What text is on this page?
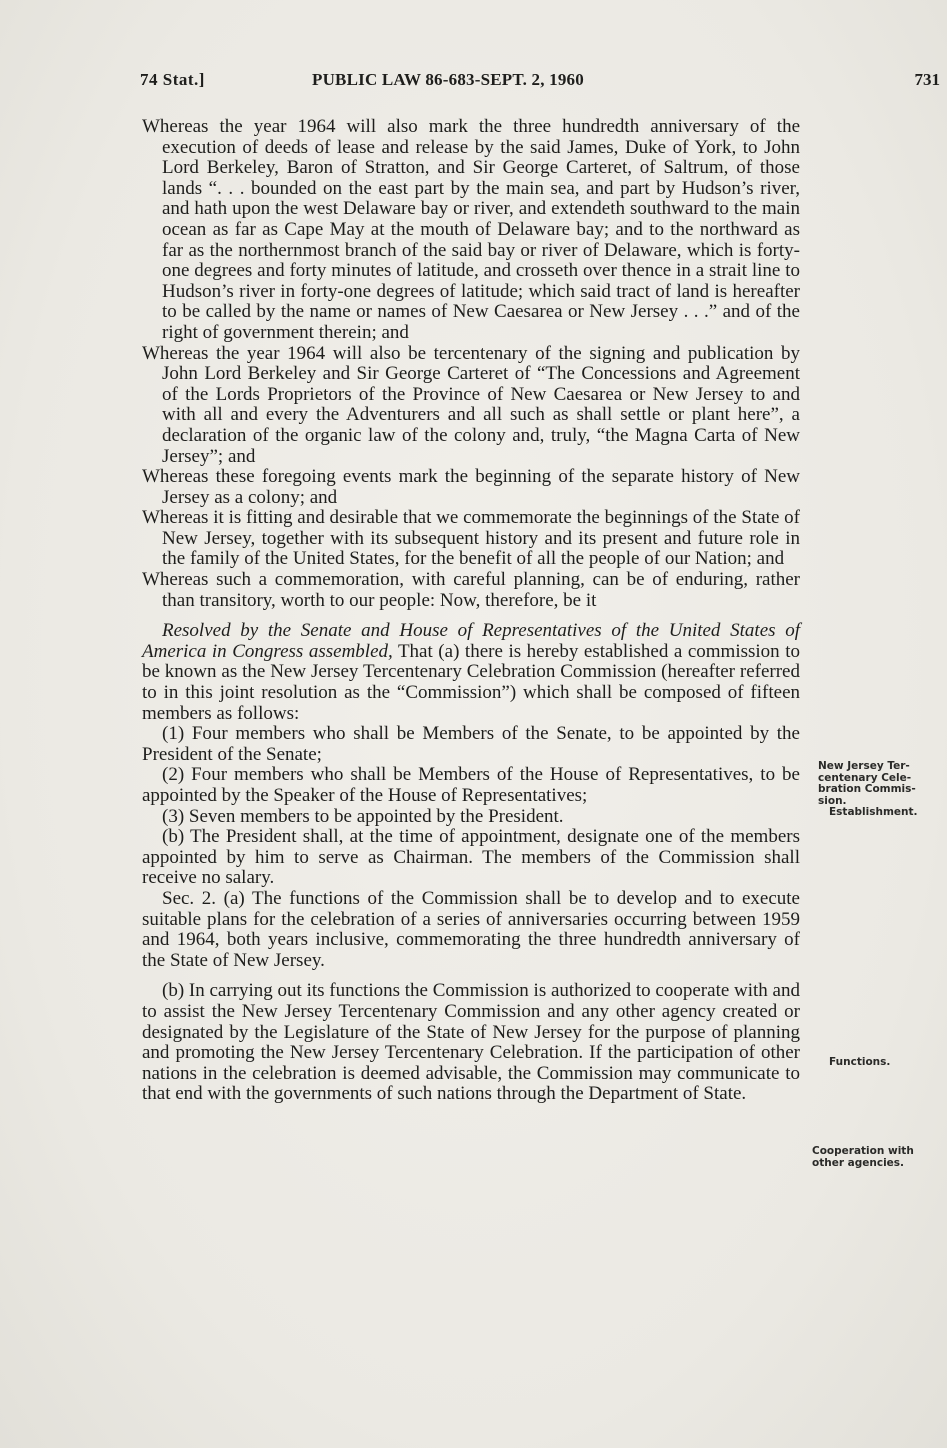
74 Stat.]	PUBLIC LAW 86-683-SEPT. 2, 1960	731

Whereas the year 1964 will also mark the three hundredth anniversary of the execution of deeds of lease and release by the said James, Duke of York, to John Lord Berkeley, Baron of Stratton, and Sir George Carteret, of Saltrum, of those lands “. . . bounded on the east part by the main sea, and part by Hudson’s river, and hath upon the west Delaware bay or river, and extendeth southward to the main ocean as far as Cape May at the mouth of Delaware bay; and to the northward as far as the northernmost branch of the said bay or river of Delaware, which is forty-one degrees and forty minutes of latitude, and crosseth over thence in a strait line to Hudson’s river in forty-one degrees of latitude; which said tract of land is hereafter to be called by the name or names of New Caesarea or New Jersey . . .” and of the right of government therein; and

Whereas the year 1964 will also be tercentenary of the signing and publication by John Lord Berkeley and Sir George Carteret of “The Concessions and Agreement of the Lords Proprietors of the Province of New Caesarea or New Jersey to and with all and every the Adventurers and all such as shall settle or plant here”, a declaration of the organic law of the colony and, truly, “the Magna Carta of New Jersey”; and

Whereas these foregoing events mark the beginning of the separate history of New Jersey as a colony; and

Whereas it is fitting and desirable that we commemorate the beginnings of the State of New Jersey, together with its subsequent history and its present and future role in the family of the United States, for the benefit of all the people of our Nation; and

Whereas such a commemoration, with careful planning, can be of enduring, rather than transitory, worth to our people: Now, therefore, be it

Resolved by the Senate and House of Representatives of the United States of America in Congress assembled, That (a) there is hereby established a commission to be known as the New Jersey Tercentenary Celebration Commission (hereafter referred to in this joint resolution as the “Commission”) which shall be composed of fifteen members as follows:

(1) Four members who shall be Members of the Senate, to be appointed by the President of the Senate;

(2) Four members who shall be Members of the House of Representatives, to be appointed by the Speaker of the House of Representatives;

(3) Seven members to be appointed by the President.

(b) The President shall, at the time of appointment, designate one of the members appointed by him to serve as Chairman. The members of the Commission shall receive no salary.

Sec. 2. (a) The functions of the Commission shall be to develop and to execute suitable plans for the celebration of a series of anniversaries occurring between 1959 and 1964, both years inclusive, commemorating the three hundredth anniversary of the State of New Jersey.

(b) In carrying out its functions the Commission is authorized to cooperate with and to assist the New Jersey Tercentenary Commission and any other agency created or designated by the Legislature of the State of New Jersey for the purpose of planning and promoting the New Jersey Tercentenary Celebration. If the participation of other nations in the celebration is deemed advisable, the Commission may communicate to that end with the governments of such nations through the Department of State.

New Jersey Ter-
centenary Cele-
bration Commis-
sion.
Establishment.
Functions.
Cooperation with
other agencies.
